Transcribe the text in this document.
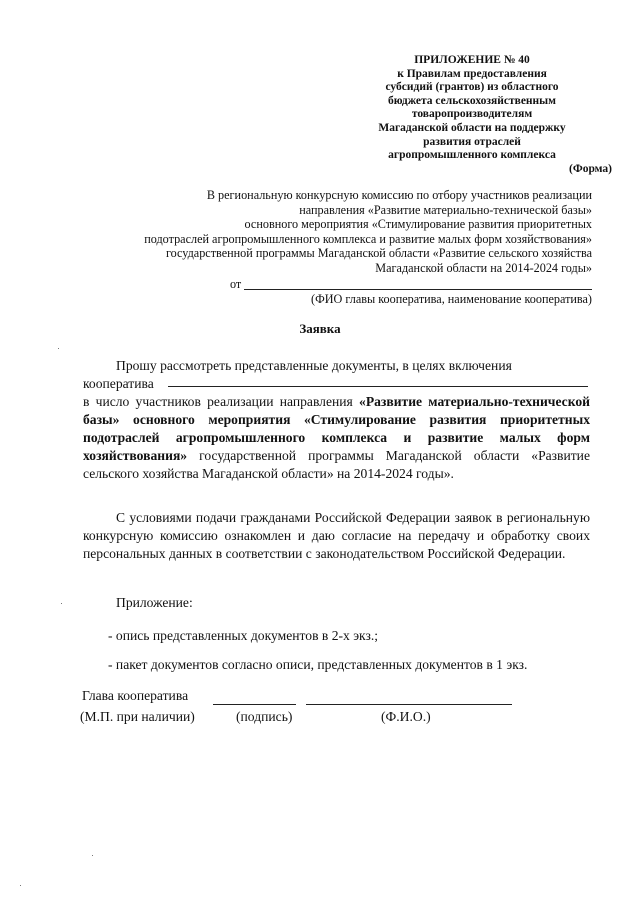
ПРИЛОЖЕНИЕ № 40
к Правилам предоставления
субсидий (грантов) из областного
бюджета сельскохозяйственным
товаропроизводителям
Магаданской области на поддержку
развития отраслей
агропромышленного комплекса
(Форма)
В региональную конкурсную комиссию по отбору участников реализации
направления «Развитие материально-технической базы»
основного мероприятия «Стимулирование развития приоритетных
подотраслей агропромышленного комплекса и развитие малых форм хозяйствования»
государственной программы Магаданской области «Развитие сельского хозяйства
Магаданской области на 2014-2024 годы»
от
(ФИО главы кооператива, наименование кооператива)
Заявка
Прошу рассмотреть представленные документы, в целях включения
кооператива
в число участников реализации направления «Развитие материально-технической базы» основного мероприятия «Стимулирование развития приоритетных подотраслей агропромышленного комплекса и развитие малых форм хозяйствования» государственной программы Магаданской области «Развитие сельского хозяйства Магаданской области» на 2014-2024 годы».
С условиями подачи гражданами Российской Федерации заявок в региональную конкурсную комиссию ознакомлен и даю согласие на передачу и обработку своих персональных данных в соответствии с законодательством Российской Федерации.
Приложение:
- опись представленных документов в 2-х экз.;
- пакет документов согласно описи, представленных документов в 1 экз.
Глава кооператива
(М.П. при наличии)	(подпись)	(Ф.И.О.)
